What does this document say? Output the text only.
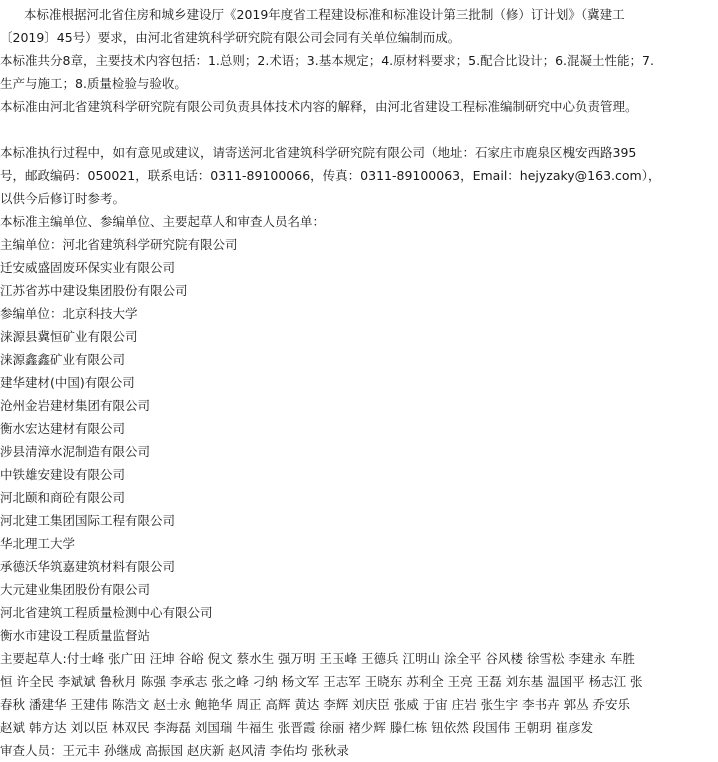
本标准根据河北省住房和城乡建设厅《2019年度省工程建设标准和标准设计第三批制（修）订计划》（冀建工
〔2019〕45号）要求，由河北省建筑科学研究院有限公司会同有关单位编制而成。
本标准共分8章，主要技术内容包括：1.总则；2.术语；3.基本规定；4.原材料要求；5.配合比设计；6.混凝土性能；7.
生产与施工；8.质量检验与验收。
本标准由河北省建筑科学研究院有限公司负责具体技术内容的解释，由河北省建设工程标准编制研究中心负责管理。
本标准执行过程中，如有意见或建议，请寄送河北省建筑科学研究院有限公司（地址：石家庄市鹿泉区槐安西路395
号，邮政编码：050021，联系电话：0311-89100066，传真：0311-89100063，Email：hejyzaky@163.com），
以供今后修订时参考。
本标准主编单位、参编单位、主要起草人和审查人员名单：
主编单位：河北省建筑科学研究院有限公司
迁安威盛固废环保实业有限公司
江苏省苏中建设集团股份有限公司
参编单位：北京科技大学
涞源县冀恒矿业有限公司
涞源鑫鑫矿业有限公司
建华建材(中国)有限公司
沧州金岩建材集团有限公司
衡水宏达建材有限公司
涉县清漳水泥制造有限公司
中铁雄安建设有限公司
河北颐和商砼有限公司
河北建工集团国际工程有限公司
华北理工大学
承德沃华筑嘉建筑材料有限公司
大元建业集团股份有限公司
河北省建筑工程质量检测中心有限公司
衡水市建设工程质量监督站
主要起草人:付士峰 张广田 汪坤 谷峪 倪文 蔡水生 强万明 王玉峰 王德兵 江明山 涂全平 谷风楼 徐雪松 李建永 车胜
恒 许全民 李斌斌 鲁秋月 陈强 李承志 张之峰 刁纳 杨文军 王志军 王晓东 苏利全 王亮 王磊 刘东基 温国平 杨志江 张
春秋 潘建华 王建伟 陈浩文 赵士永 鲍艳华 周正 高辉 黄达 李辉 刘庆臣 张威 于宙 庄岩 张生宇 李书卉 郭丛 乔安乐
赵斌 韩方达 刘以臣 林双民 李海磊 刘国瑞 牛福生 张晋霞 徐丽 褚少辉 滕仁栋 钮依然 段国伟 王朝玥 崔彦发
审查人员：王元丰 孙继成 高振国 赵庆新 赵风清 李佑均 张秋录
